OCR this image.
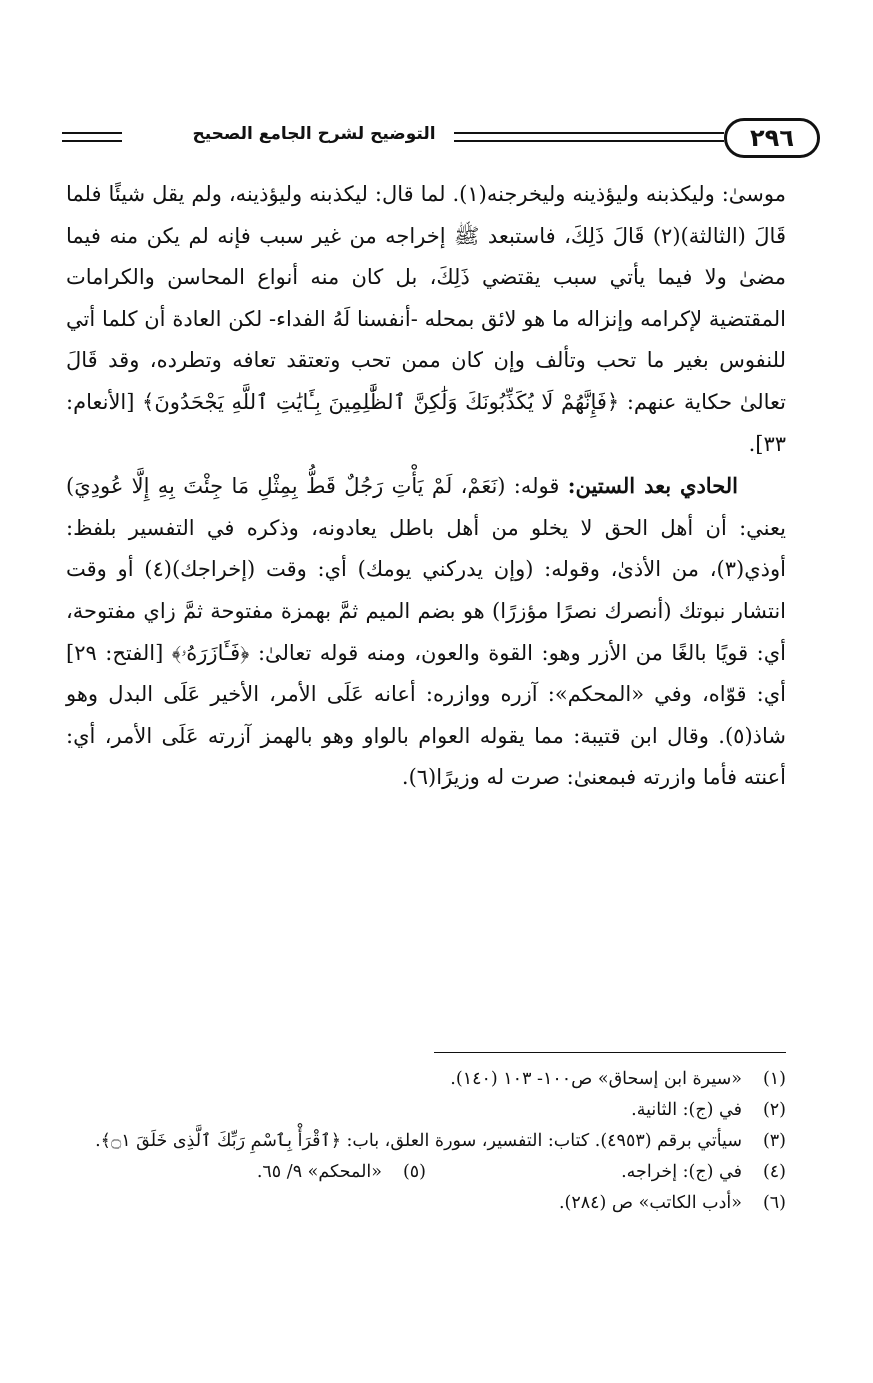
التوضيح لشرح الجامع الصحيح	٢٩٦

موسىٰ: وليكذبنه وليؤذينه وليخرجنه(١). لما قال: ليكذبنه وليؤذينه، ولم يقل شيئًا فلما قَالَ (الثالثة)(٢) قَالَ ذَلِكَ، فاستبعد ﷺ إخراجه من غير سبب فإنه لم يكن منه فيما مضىٰ ولا فيما يأتي سبب يقتضي ذَلِكَ، بل كان منه أنواع المحاسن والكرامات المقتضية لإكرامه وإنزاله ما هو لائق بمحله -أنفسنا لَهُ الفداء- لكن العادة أن كلما أتي للنفوس بغير ما تحب وتألف وإن كان ممن تحب وتعتقد تعافه وتطرده، وقد قَالَ تعالىٰ حكاية عنهم: ﴿فَإِنَّهُمْ لَا يُكَذِّبُونَكَ وَلَٰكِنَّ ٱلظَّٰلِمِينَ بِـَٔايَٰتِ ٱللَّهِ يَجْحَدُونَ﴾ [الأنعام: ٣٣].

الحادي بعد الستين: قوله: (نَعَمْ، لَمْ يَأْتِ رَجُلٌ قَطُّ بِمِثْلِ مَا جِئْتَ بِهِ إِلَّا عُودِيَ) يعني: أن أهل الحق لا يخلو من أهل باطل يعادونه، وذكره في التفسير بلفظ: أوذي(٣)، من الأذىٰ، وقوله: (وإن يدركني يومك) أي: وقت (إخراجك)(٤) أو وقت انتشار نبوتك (أنصرك نصرًا مؤزرًا) هو بضم الميم ثمَّ بهمزة مفتوحة ثمَّ زاي مفتوحة، أي: قويًا بالغًا من الأزر وهو: القوة والعون، ومنه قوله تعالىٰ: ﴿فَـَٔازَرَهُۥ﴾ [الفتح: ٢٩] أي: قوّاه، وفي «المحكم»: آزره ووازره: أعانه عَلَى الأمر، الأخير عَلَى البدل وهو شاذ(٥). وقال ابن قتيبة: مما يقوله العوام بالواو وهو بالهمز آزرته عَلَى الأمر، أي: أعنته فأما وازرته فبمعنىٰ: صرت له وزيرًا(٦).

(١)
«سيرة ابن إسحاق» ص١٠٠- ١٠٣ (١٤٠).
(٢)
في (ج): الثانية.
(٣)
سيأتي برقم (٤٩٥٣). كتاب: التفسير، سورة العلق، باب: ﴿ٱقْرَأْ بِٱسْمِ رَبِّكَ ٱلَّذِى خَلَقَ ۝١﴾.
(٤)
في (ج): إخراجه.
(٥)
«المحكم» ٩/ ٦٥.
(٦)
«أدب الكاتب» ص (٢٨٤).
